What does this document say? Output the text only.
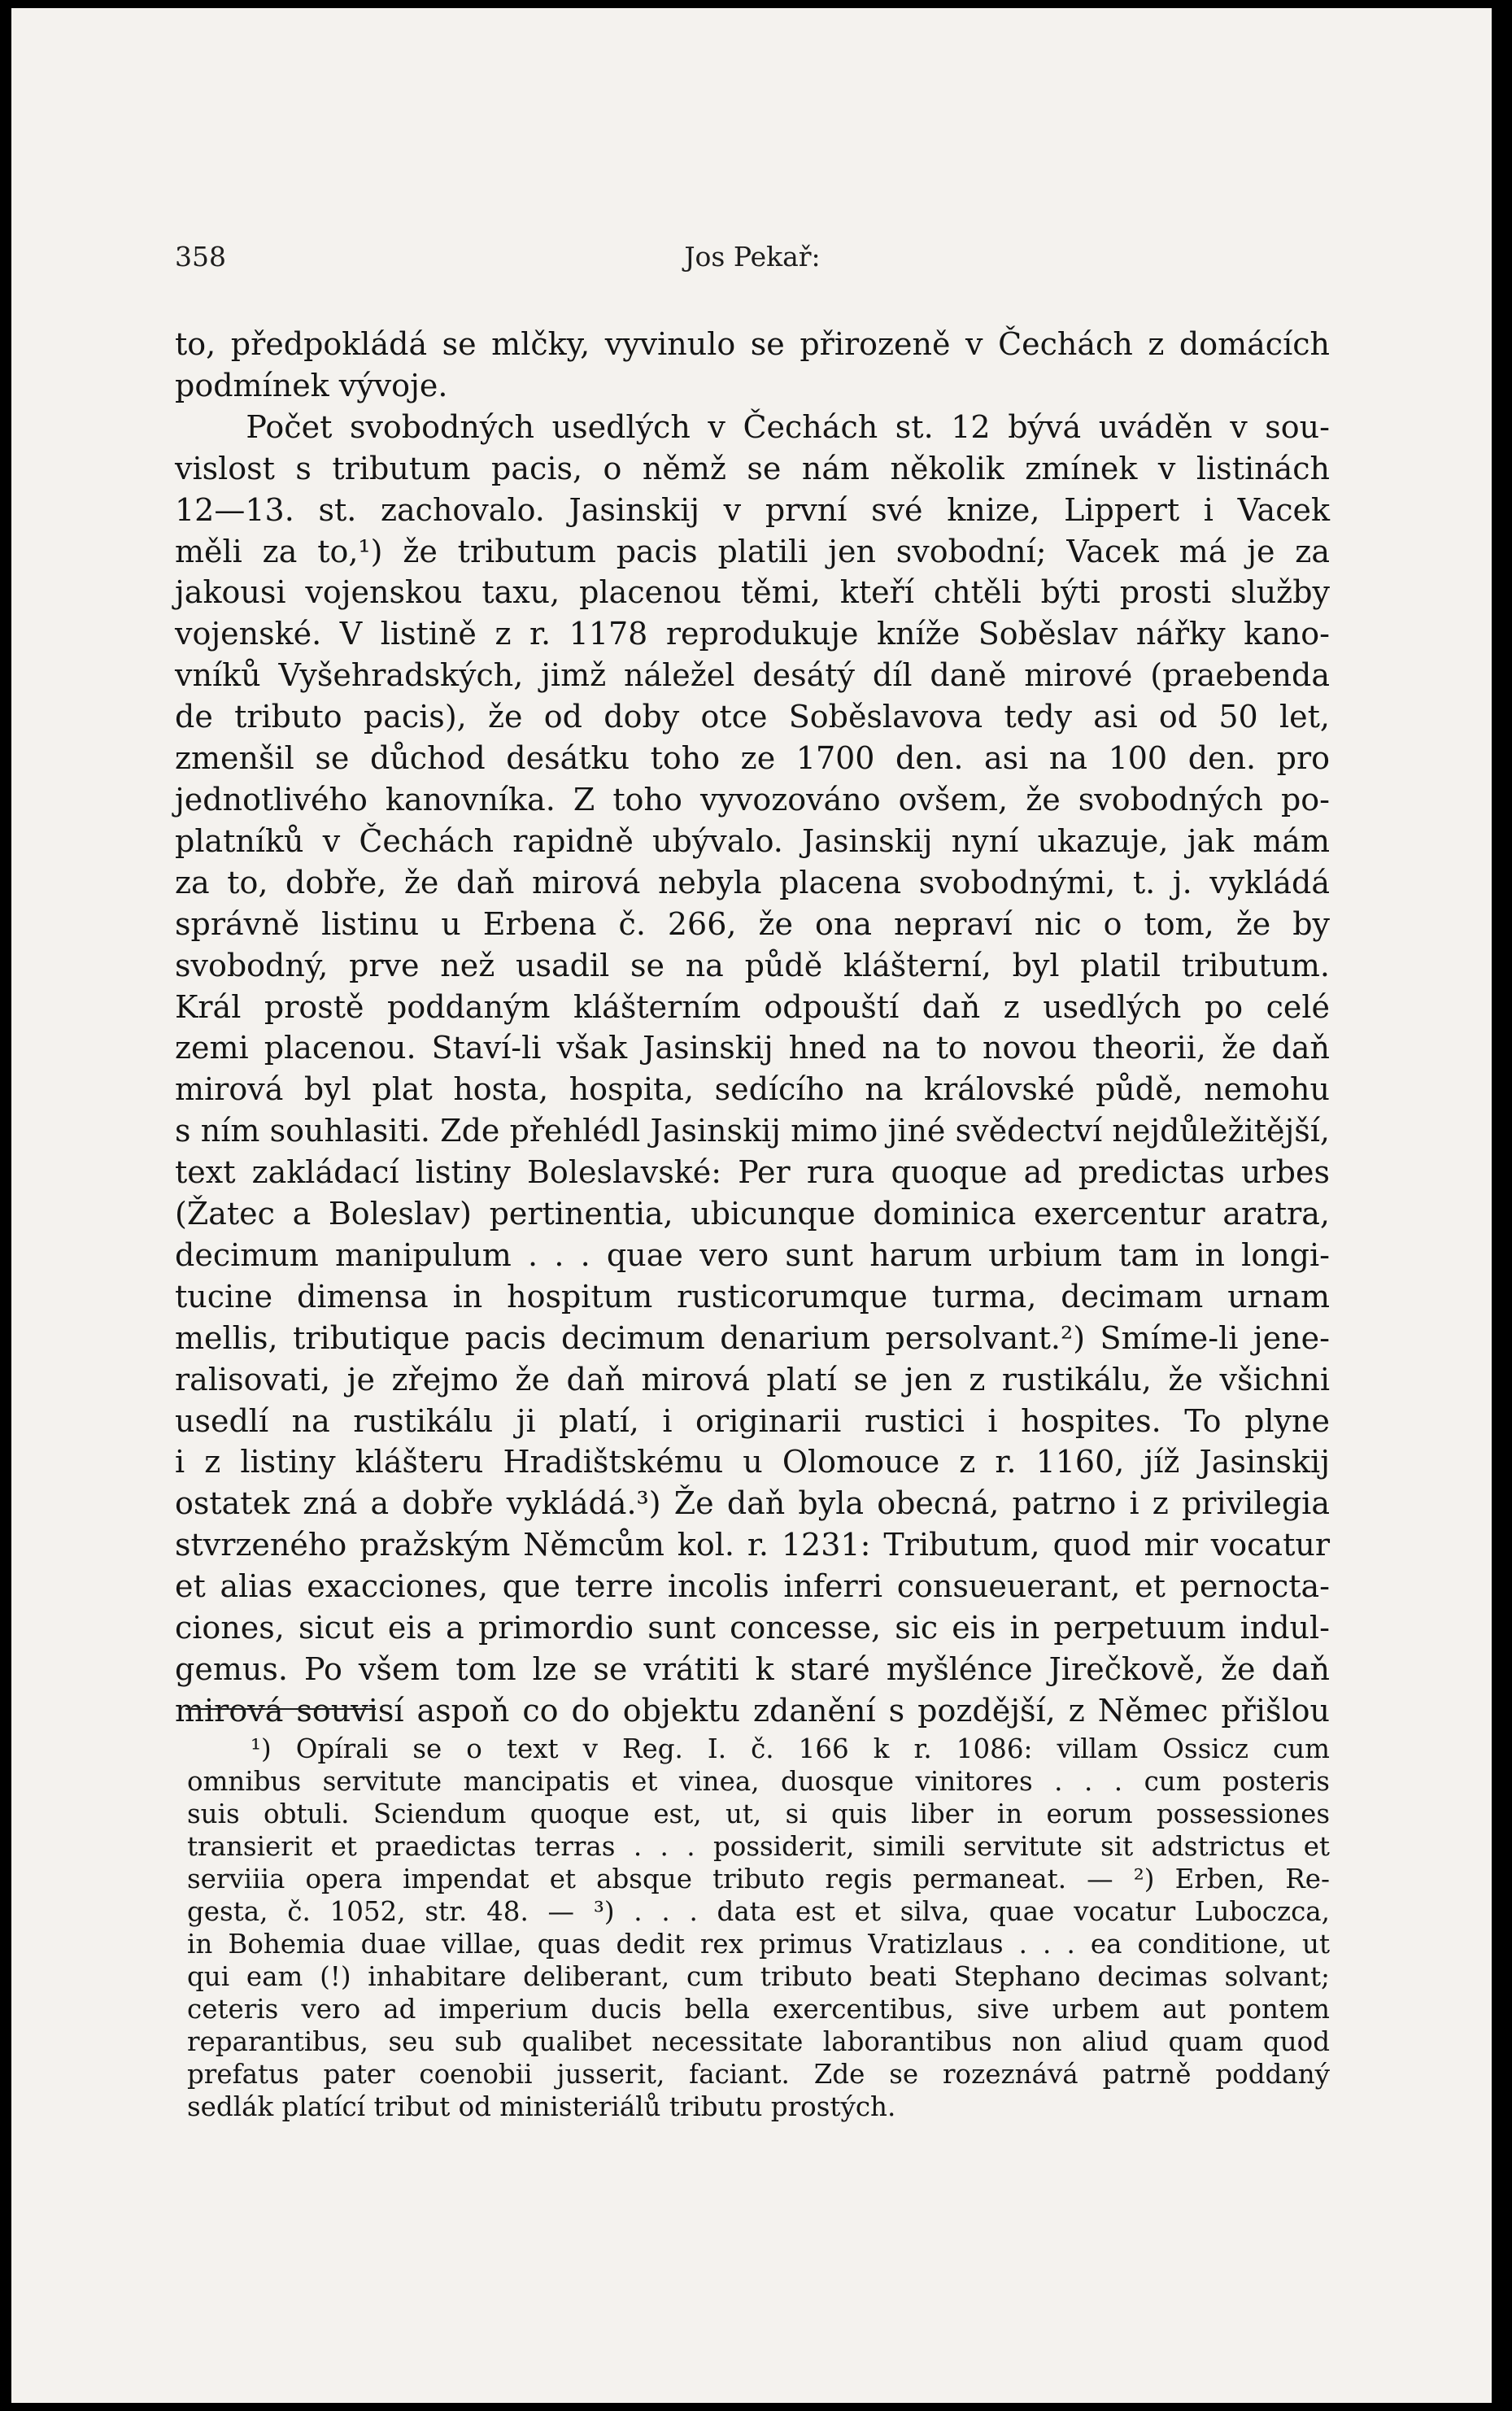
358	Jos Pekař:

to, předpokládá se mlčky, vyvinulo se přirozeně v Čechách z domácích
podmínek vývoje.

Počet svobodných usedlých v Čechách st. 12 bývá uváděn v sou-
vislost s tributum pacis, o němž se nám několik zmínek v listinách
12—13. st. zachovalo. Jasinskij v první své knize, Lippert i Vacek
měli za to,¹) že tributum pacis platili jen svobodní; Vacek má je za
jakousi vojenskou taxu, placenou těmi, kteří chtěli býti prosti služby
vojenské. V listině z r. 1178 reprodukuje kníže Soběslav nářky kano-
vníků Vyšehradských, jimž náležel desátý díl daně mirové (praebenda
de tributo pacis), že od doby otce Soběslavova tedy asi od 50 let,
zmenšil se důchod desátku toho ze 1700 den. asi na 100 den. pro
jednotlivého kanovníka. Z toho vyvozováno ovšem, že svobodných po-
platníků v Čechách rapidně ubývalo. Jasinskij nyní ukazuje, jak mám
za to, dobře, že daň mirová nebyla placena svobodnými, t. j. vykládá
správně listinu u Erbena č. 266, že ona nepraví nic o tom, že by
svobodný, prve než usadil se na půdě klášterní, byl platil tributum.
Král prostě poddaným klášterním odpouští daň z usedlých po celé
zemi placenou. Staví-li však Jasinskij hned na to novou theorii, že daň
mirová byl plat hosta, hospita, sedícího na královské půdě, nemohu
s ním souhlasiti. Zde přehlédl Jasinskij mimo jiné svědectví nejdůležitější,
text zakládací listiny Boleslavské: Per rura quoque ad predictas urbes
(Žatec a Boleslav) pertinentia, ubicunque dominica exercentur aratra,
decimum manipulum . . . quae vero sunt harum urbium tam in longi-
tucine dimensa in hospitum rusticorumque turma, decimam urnam
mellis, tributique pacis decimum denarium persolvant.²) Smíme-li jene-
ralisovati, je zřejmo že daň mirová platí se jen z rustikálu, že všichni
usedlí na rustikálu ji platí, i originarii rustici i hospites. To plyne
i z listiny klášteru Hradištskému u Olomouce z r. 1160, jíž Jasinskij
ostatek zná a dobře vykládá.³) Že daň byla obecná, patrno i z privilegia
stvrzeného pražským Němcům kol. r. 1231: Tributum, quod mir vocatur
et alias exacciones, que terre incolis inferri consueuerant, et pernocta-
ciones, sicut eis a primordio sunt concesse, sic eis in perpetuum indul-
gemus. Po všem tom lze se vrátiti k staré myšlénce Jirečkově, že daň
mirová souvisí aspoň co do objektu zdanění s pozdější, z Němec přišlou

¹) Opírali se o text v Reg. I. č. 166 k r. 1086: villam Ossicz cum
omnibus servitute mancipatis et vinea, duosque vinitores . . . cum posteris
suis obtuli. Sciendum quoque est, ut, si quis liber in eorum possessiones
transierit et praedictas terras . . . possiderit, simili servitute sit adstrictus et
serviiia opera impendat et absque tributo regis permaneat. — ²) Erben, Re-
gesta, č. 1052, str. 48. — ³) . . . data est et silva, quae vocatur Luboczca,
in Bohemia duae villae, quas dedit rex primus Vratizlaus . . . ea conditione, ut
qui eam (!) inhabitare deliberant, cum tributo beati Stephano decimas solvant;
ceteris vero ad imperium ducis bella exercentibus, sive urbem aut pontem
reparantibus, seu sub qualibet necessitate laborantibus non aliud quam quod
prefatus pater coenobii jusserit, faciant. Zde se rozeznává patrně poddaný
sedlák platící tribut od ministeriálů tributu prostých.
